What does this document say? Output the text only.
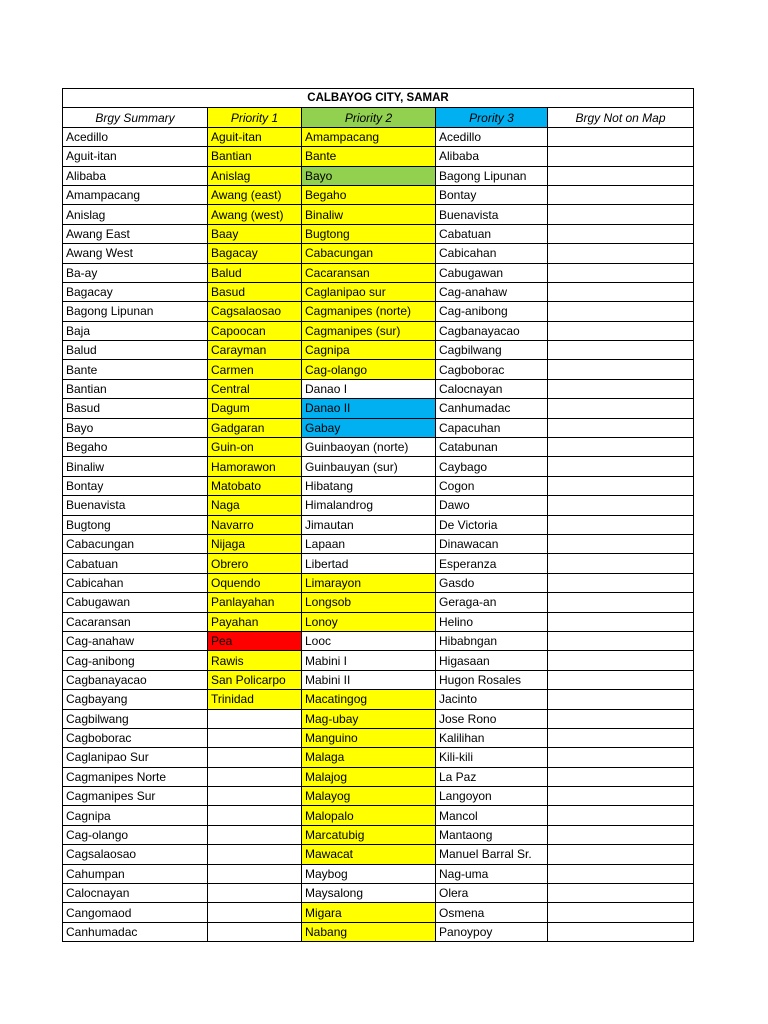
CALBAYOG CITY, SAMAR				
Brgy Summary	Priority 1	Priority 2	Prority 3	Brgy Not on Map
Acedillo	Aguit-itan	Amampacang	Acedillo	
Aguit-itan	Bantian	Bante	Alibaba	
Alibaba	Anislag	Bayo	Bagong Lipunan	
Amampacang	Awang (east)	Begaho	Bontay	
Anislag	Awang (west)	Binaliw	Buenavista	
Awang East	Baay	Bugtong	Cabatuan	
Awang West	Bagacay	Cabacungan	Cabicahan	
Ba-ay	Balud	Cacaransan	Cabugawan	
Bagacay	Basud	Caglanipao sur	Cag-anahaw	
Bagong Lipunan	Cagsalaosao	Cagmanipes (norte)	Cag-anibong	
Baja	Capoocan	Cagmanipes (sur)	Cagbanayacao	
Balud	Carayman	Cagnipa	Cagbilwang	
Bante	Carmen	Cag-olango	Cagboborac	
Bantian	Central	Danao I	Calocnayan	
Basud	Dagum	Danao II	Canhumadac	
Bayo	Gadgaran	Gabay	Capacuhan	
Begaho	Guin-on	Guinbaoyan (norte)	Catabunan	
Binaliw	Hamorawon	Guinbauyan (sur)	Caybago	
Bontay	Matobato	Hibatang	Cogon	
Buenavista	Naga	Himalandrog	Dawo	
Bugtong	Navarro	Jimautan	De Victoria	
Cabacungan	Nijaga	Lapaan	Dinawacan	
Cabatuan	Obrero	Libertad	Esperanza	
Cabicahan	Oquendo	Limarayon	Gasdo	
Cabugawan	Panlayahan	Longsob	Geraga-an	
Cacaransan	Payahan	Lonoy	Helino	
Cag-anahaw	Pea	Looc	Hibabngan	
Cag-anibong	Rawis	Mabini I	Higasaan	
Cagbanayacao	San Policarpo	Mabini II	Hugon Rosales	
Cagbayang	Trinidad	Macatingog	Jacinto	
Cagbilwang		Mag-ubay	Jose Rono	
Cagboborac		Manguino	Kalilihan	
Caglanipao Sur		Malaga	Kili-kili	
Cagmanipes Norte		Malajog	La Paz	
Cagmanipes Sur		Malayog	Langoyon	
Cagnipa		Malopalo	Mancol	
Cag-olango		Marcatubig	Mantaong	
Cagsalaosao		Mawacat	Manuel Barral Sr.	
Cahumpan		Maybog	Nag-uma	
Calocnayan		Maysalong	Olera	
Cangomaod		Migara	Osmena	
Canhumadac		Nabang	Panoypoy	
